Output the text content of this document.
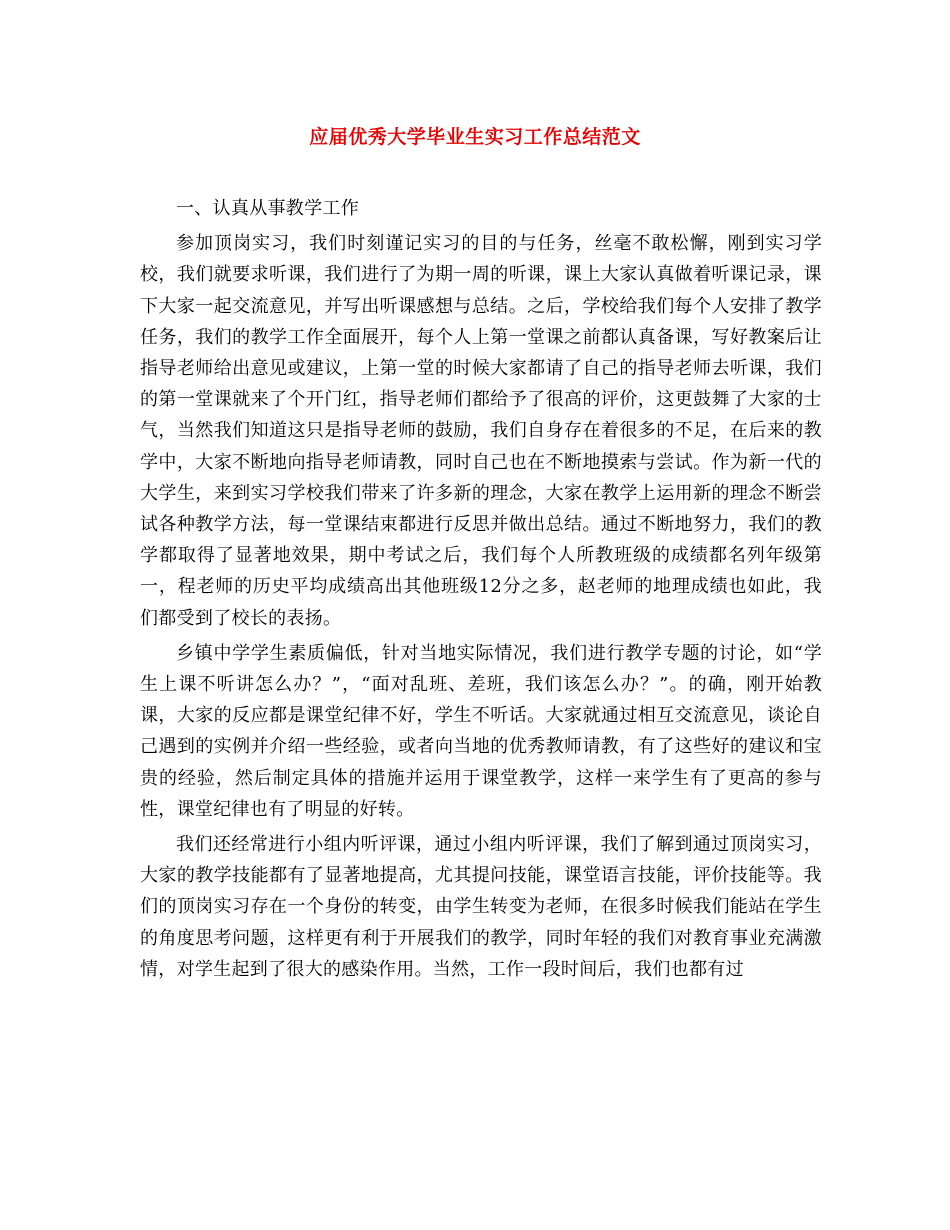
应届优秀大学毕业生实习工作总结范文

一、认真从事教学工作

参加顶岗实习，我们时刻谨记实习的目的与任务，丝毫不敢松懈，刚到实习学校，我们就要求听课，我们进行了为期一周的听课，课上大家认真做着听课记录，课下大家一起交流意见，并写出听课感想与总结。之后，学校给我们每个人安排了教学任务，我们的教学工作全面展开，每个人上第一堂课之前都认真备课，写好教案后让指导老师给出意见或建议，上第一堂的时候大家都请了自己的指导老师去听课，我们的第一堂课就来了个开门红，指导老师们都给予了很高的评价，这更鼓舞了大家的士气，当然我们知道这只是指导老师的鼓励，我们自身存在着很多的不足，在后来的教学中，大家不断地向指导老师请教，同时自己也在不断地摸索与尝试。作为新一代的大学生，来到实习学校我们带来了许多新的理念，大家在教学上运用新的理念不断尝试各种教学方法，每一堂课结束都进行反思并做出总结。通过不断地努力，我们的教学都取得了显著地效果，期中考试之后，我们每个人所教班级的成绩都名列年级第一，程老师的历史平均成绩高出其他班级12分之多，赵老师的地理成绩也如此，我们都受到了校长的表扬。

乡镇中学学生素质偏低，针对当地实际情况，我们进行教学专题的讨论，如“学生上课不听讲怎么办？”，“面对乱班、差班，我们该怎么办？”。的确，刚开始教课，大家的反应都是课堂纪律不好，学生不听话。大家就通过相互交流意见，谈论自己遇到的实例并介绍一些经验，或者向当地的优秀教师请教，有了这些好的建议和宝贵的经验，然后制定具体的措施并运用于课堂教学，这样一来学生有了更高的参与性，课堂纪律也有了明显的好转。

我们还经常进行小组内听评课，通过小组内听评课，我们了解到通过顶岗实习，大家的教学技能都有了显著地提高，尤其提问技能，课堂语言技能，评价技能等。我们的顶岗实习存在一个身份的转变，由学生转变为老师，在很多时候我们能站在学生的角度思考问题，这样更有利于开展我们的教学，同时年轻的我们对教育事业充满激情，对学生起到了很大的感染作用。当然，工作一段时间后，我们也都有过
